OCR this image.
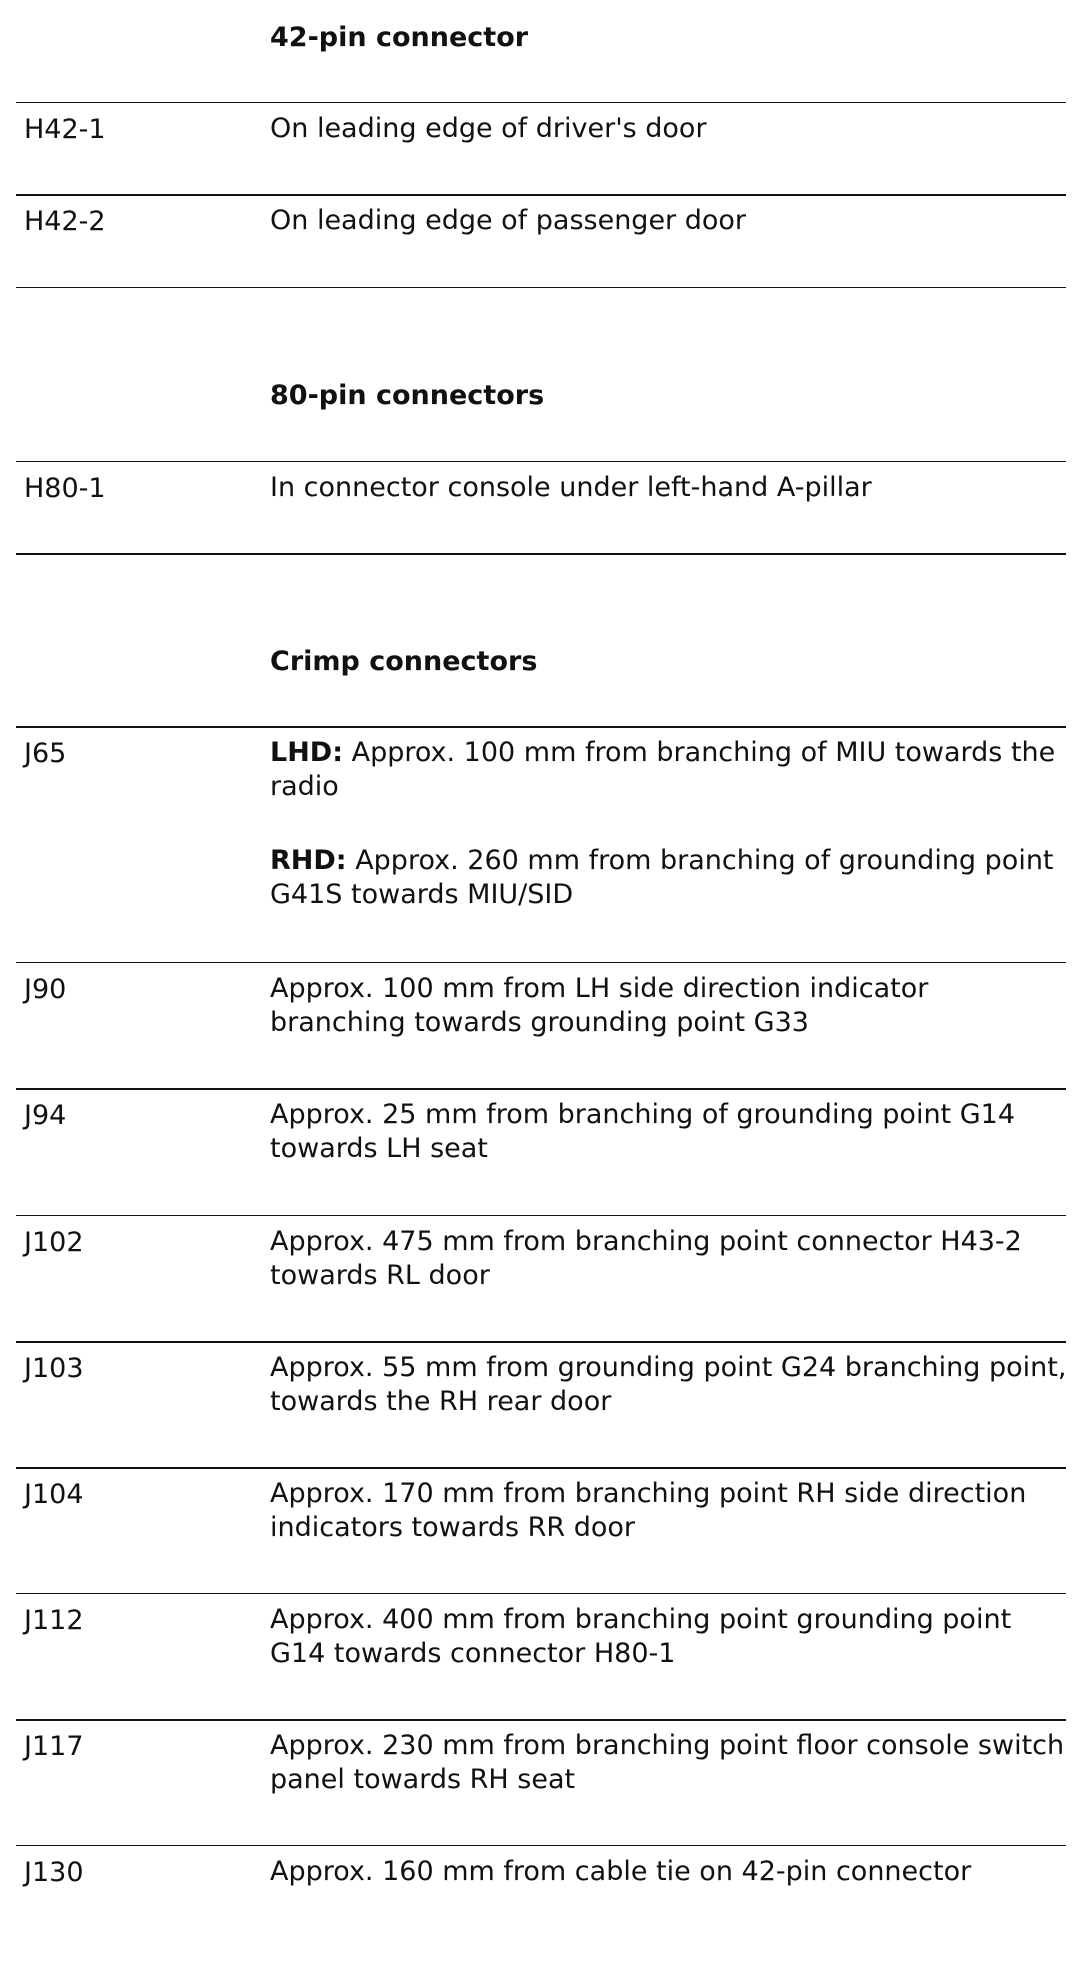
42-pin connector
H42-1	On leading edge of driver's door
H42-2	On leading edge of passenger door
80-pin connectors
H80-1	In connector console under left-hand A-pillar
Crimp connectors
J65	LHD: Approx. 100 mm from branching of MIU towards the radio
RHD: Approx. 260 mm from branching of grounding point G41S towards MIU/SID
J90	Approx. 100 mm from LH side direction indicator branching towards grounding point G33
J94	Approx. 25 mm from branching of grounding point G14 towards LH seat
J102	Approx. 475 mm from branching point connector H43-2 towards RL door
J103	Approx. 55 mm from grounding point G24 branching point, towards the RH rear door
J104	Approx. 170 mm from branching point RH side direction indicators towards RR door
J112	Approx. 400 mm from branching point grounding point G14 towards connector H80-1
J117	Approx. 230 mm from branching point floor console switch panel towards RH seat
J130	Approx. 160 mm from cable tie on 42-pin connector
